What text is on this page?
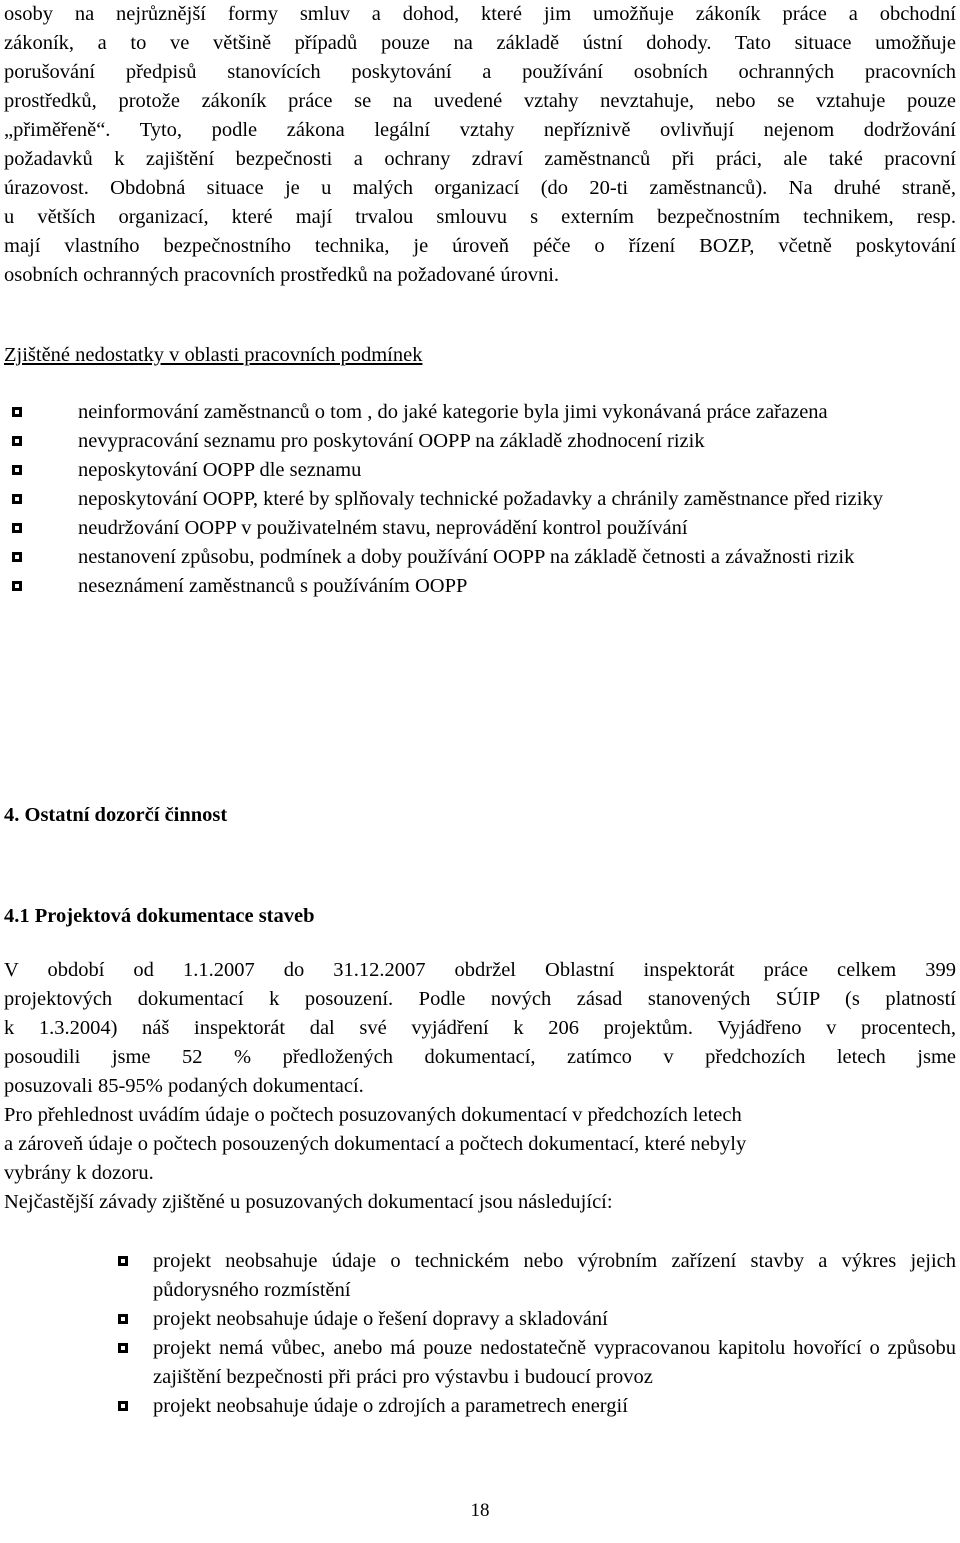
osoby na nejrůznější formy smluv a dohod, které jim umožňuje zákoník práce a obchodní
zákoník, a to ve většině případů pouze na základě ústní dohody. Tato situace umožňuje
porušování předpisů stanovících poskytování a používání osobních ochranných pracovních
prostředků, protože zákoník práce se na uvedené vztahy nevztahuje, nebo se vztahuje pouze
„přiměřeně“. Tyto, podle zákona legální vztahy nepříznivě ovlivňují nejenom dodržování
požadavků k zajištění bezpečnosti a ochrany zdraví zaměstnanců při práci, ale také pracovní
úrazovost. Obdobná situace je u malých organizací (do 20-ti zaměstnanců). Na druhé straně,
u větších organizací, které mají trvalou smlouvu s externím bezpečnostním technikem, resp.
mají vlastního bezpečnostního technika, je úroveň péče o řízení BOZP, včetně poskytování
osobních ochranných pracovních prostředků na požadované úrovni.

Zjištěné nedostatky v oblasti pracovních podmínek

neinformování zaměstnanců o tom , do jaké kategorie byla jimi vykonávaná práce zařazena
nevypracování seznamu pro poskytování OOPP na základě zhodnocení rizik
neposkytování OOPP dle seznamu
neposkytování OOPP, které by splňovaly technické požadavky a chránily zaměstnance před riziky
neudržování OOPP v použivatelném stavu, neprovádění kontrol používání
nestanovení způsobu, podmínek a doby používání OOPP na základě četnosti a závažnosti rizik
neseznámení zaměstnanců s používáním OOPP

4. Ostatní dozorčí činnost

4.1 Projektová dokumentace staveb

V období od 1.1.2007 do 31.12.2007 obdržel Oblastní inspektorát práce celkem 399
projektových dokumentací k posouzení. Podle nových zásad stanovených SÚIP (s platností
k 1.3.2004) náš inspektorát dal své vyjádření k 206 projektům. Vyjádřeno v procentech,
posoudili jsme 52 % předložených dokumentací, zatímco v předchozích letech jsme
posuzovali 85-95% podaných dokumentací.
Pro přehlednost uvádím údaje o počtech posuzovaných dokumentací v předchozích letech
a zároveň údaje o počtech posouzených dokumentací a počtech dokumentací, které nebyly
vybrány k dozoru.

Nejčastější závady zjištěné u posuzovaných dokumentací jsou následující:

projekt neobsahuje údaje o technickém nebo výrobním zařízení stavby a výkres jejich půdorysného rozmístění
projekt neobsahuje údaje o řešení dopravy a skladování
projekt nemá vůbec, anebo má pouze nedostatečně vypracovanou kapitolu hovořící o způsobu zajištění bezpečnosti při práci pro výstavbu i budoucí provoz
projekt neobsahuje údaje o zdrojích a parametrech energií
18
